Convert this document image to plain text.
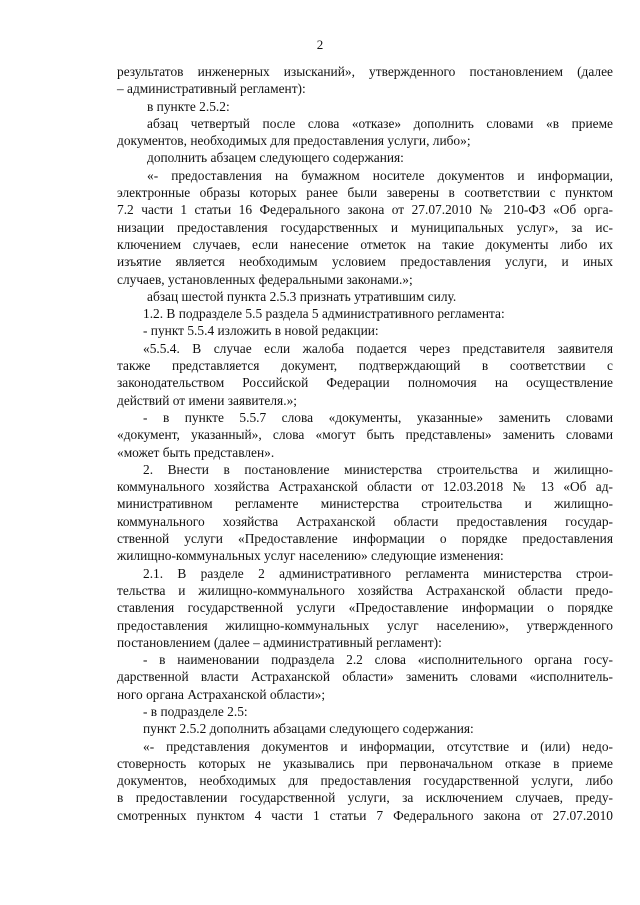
2
результатов инженерных изысканий», утвержденного постановлением (далее
– административный регламент):
в пункте 2.5.2:
абзац четвертый после слова «отказе» дополнить словами «в приеме
документов, необходимых для предоставления услуги, либо»;
дополнить абзацем следующего содержания:
«- предоставления на бумажном носителе документов и информации,
электронные образы которых ранее были заверены в соответствии с пунктом
7.2 части 1 статьи 16 Федерального закона от 27.07.2010 № 210-ФЗ «Об орга-
низации предоставления государственных и муниципальных услуг», за ис-
ключением случаев, если нанесение отметок на такие документы либо их
изъятие является необходимым условием предоставления услуги, и иных
случаев, установленных федеральными законами.»;
абзац шестой пункта 2.5.3 признать утратившим силу.
1.2. В подразделе 5.5 раздела 5 административного регламента:
- пункт 5.5.4 изложить в новой редакции:
«5.5.4. В случае если жалоба подается через представителя заявителя
также представляется документ, подтверждающий в соответствии с
законодательством Российской Федерации полномочия на осуществление
действий от имени заявителя.»;
- в пункте 5.5.7 слова «документы, указанные» заменить словами
«документ, указанный», слова «могут быть представлены» заменить словами
«может быть представлен».
2. Внести в постановление министерства строительства и жилищно-
коммунального хозяйства Астраханской области от 12.03.2018 № 13 «Об ад-
министративном регламенте министерства строительства и жилищно-
коммунального хозяйства Астраханской области предоставления государ-
ственной услуги «Предоставление информации о порядке предоставления
жилищно-коммунальных услуг населению» следующие изменения:
2.1. В разделе 2 административного регламента министерства строи-
тельства и жилищно-коммунального хозяйства Астраханской области предо-
ставления государственной услуги «Предоставление информации о порядке
предоставления жилищно-коммунальных услуг населению», утвержденного
постановлением (далее – административный регламент):
- в наименовании подраздела 2.2 слова «исполнительного органа госу-
дарственной власти Астраханской области» заменить словами «исполнитель-
ного органа Астраханской области»;
- в подразделе 2.5:
пункт 2.5.2 дополнить абзацами следующего содержания:
«- представления документов и информации, отсутствие и (или) недо-
стоверность которых не указывались при первоначальном отказе в приеме
документов, необходимых для предоставления государственной услуги, либо
в предоставлении государственной услуги, за исключением случаев, преду-
смотренных пунктом 4 части 1 статьи 7 Федерального закона от 27.07.2010
